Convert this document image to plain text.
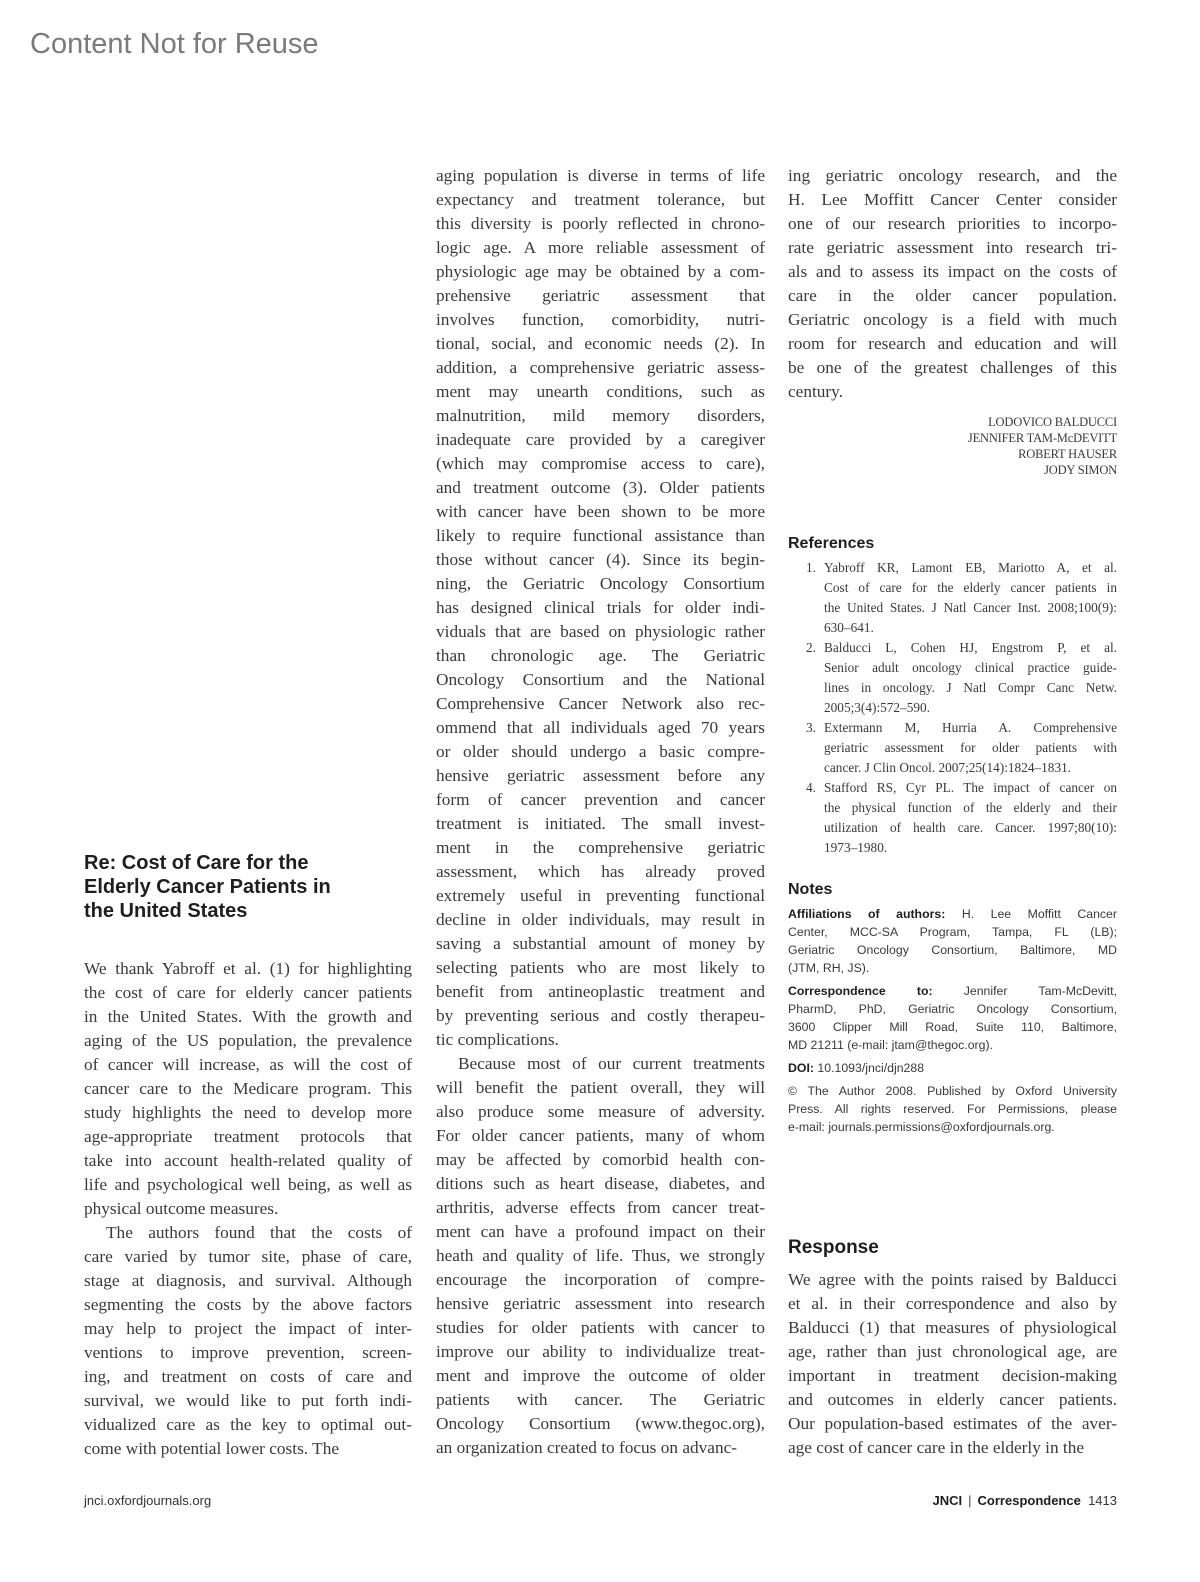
Content Not for Reuse
Re: Cost of Care for the
Elderly Cancer Patients in
the United States
We thank Yabroff et al. (1) for highlighting
the cost of care for elderly cancer patients
in the United States. With the growth and
aging of the US population, the prevalence
of cancer will increase, as will the cost of
cancer care to the Medicare program. This
study highlights the need to develop more
age-appropriate treatment protocols that
take into account health-related quality of
life and psychological well being, as well as
physical outcome measures.
The authors found that the costs of
care varied by tumor site, phase of care,
stage at diagnosis, and survival. Although
segmenting the costs by the above factors
may help to project the impact of inter-
ventions to improve prevention, screen-
ing, and treatment on costs of care and
survival, we would like to put forth indi-
vidualized care as the key to optimal out-
come with potential lower costs. The
aging population is diverse in terms of life
expectancy and treatment tolerance, but
this diversity is poorly reflected in chrono-
logic age. A more reliable assessment of
physiologic age may be obtained by a com-
prehensive geriatric assessment that
involves function, comorbidity, nutri-
tional, social, and economic needs (2). In
addition, a comprehensive geriatric assess-
ment may unearth conditions, such as
malnutrition, mild memory disorders,
inadequate care provided by a caregiver
(which may compromise access to care),
and treatment outcome (3). Older patients
with cancer have been shown to be more
likely to require functional assistance than
those without cancer (4). Since its begin-
ning, the Geriatric Oncology Consortium
has designed clinical trials for older indi-
viduals that are based on physiologic rather
than chronologic age. The Geriatric
Oncology Consortium and the National
Comprehensive Cancer Network also rec-
ommend that all individuals aged 70 years
or older should undergo a basic compre-
hensive geriatric assessment before any
form of cancer prevention and cancer
treatment is initiated. The small invest-
ment in the comprehensive geriatric
assessment, which has already proved
extremely useful in preventing functional
decline in older individuals, may result in
saving a substantial amount of money by
selecting patients who are most likely to
benefit from antineoplastic treatment and
by preventing serious and costly therapeu-
tic complications.
Because most of our current treatments
will benefit the patient overall, they will
also produce some measure of adversity.
For older cancer patients, many of whom
may be affected by comorbid health con-
ditions such as heart disease, diabetes, and
arthritis, adverse effects from cancer treat-
ment can have a profound impact on their
heath and quality of life. Thus, we strongly
encourage the incorporation of compre-
hensive geriatric assessment into research
studies for older patients with cancer to
improve our ability to individualize treat-
ment and improve the outcome of older
patients with cancer. The Geriatric
Oncology Consortium (www.thegoc.org),
an organization created to focus on advanc-
ing geriatric oncology research, and the
H. Lee Moffitt Cancer Center consider
one of our research priorities to incorpo-
rate geriatric assessment into research tri-
als and to assess its impact on the costs of
care in the older cancer population.
Geriatric oncology is a field with much
room for research and education and will
be one of the greatest challenges of this
century.
LODOVICO BALDUCCI
JENNIFER TAM-McDEVITT
ROBERT HAUSER
JODY SIMON
References
1. Yabroff KR, Lamont EB, Mariotto A, et al.
Cost of care for the elderly cancer patients in
the United States. J Natl Cancer Inst. 2008;100(9):
630–641.
2. Balducci L, Cohen HJ, Engstrom P, et al.
Senior adult oncology clinical practice guide-
lines in oncology. J Natl Compr Canc Netw.
2005;3(4):572–590.
3. Extermann M, Hurria A. Comprehensive
geriatric assessment for older patients with
cancer. J Clin Oncol. 2007;25(14):1824–1831.
4. Stafford RS, Cyr PL. The impact of cancer on
the physical function of the elderly and their
utilization of health care. Cancer. 1997;80(10):
1973–1980.
Notes
Affiliations of authors: H. Lee Moffitt Cancer
Center, MCC-SA Program, Tampa, FL (LB);
Geriatric Oncology Consortium, Baltimore, MD
(JTM, RH, JS).
Correspondence to:	Jennifer Tam-McDevitt,
PharmD, PhD, Geriatric Oncology Consortium,
3600 Clipper Mill Road, Suite 110, Baltimore,
MD 21211 (e-mail: jtam@thegoc.org).
DOI: 10.1093/jnci/djn288
© The Author 2008. Published by Oxford University
Press. All rights reserved. For Permissions, please
e-mail: journals.permissions@oxfordjournals.org.
Response
We agree with the points raised by Balducci
et al. in their correspondence and also by
Balducci (1) that measures of physiological
age, rather than just chronological age, are
important in treatment decision-making
and outcomes in elderly cancer patients.
Our population-based estimates of the aver-
age cost of cancer care in the elderly in the
jnci.oxfordjournals.org	JNCI | Correspondence 1413
